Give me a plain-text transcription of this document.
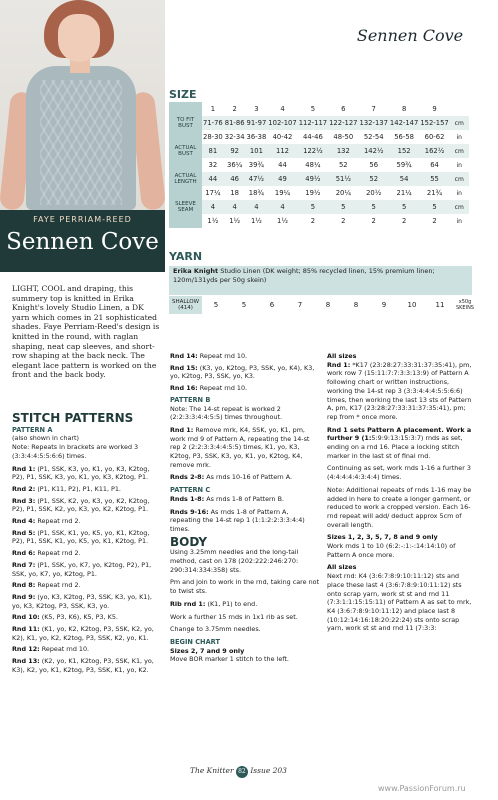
FAYE PERRIAM-REED
Sennen Cove
Sennen Cove
SIZE
	1	2	3	4	5	6	7	8	9	
TO FIT BUST	71-76	81-86	91-97	102-107	112-117	122-127	132-137	142-147	152-157	cm
	28-30	32-34	36-38	40-42	44-46	48-50	52-54	56-58	60-62	in
ACTUAL BUST	81	92	101	112	122½	132	142½	152	162½	cm
	32	36¼	39¾	44	48¼	52	56	59¾	64	in
ACTUAL LENGTH	44	46	47½	49	49½	51½	52	54	55	cm
	17¼	18	18¾	19¼	19½	20¼	20½	21¼	21¾	in
SLEEVE SEAM	4	4	4	4	5	5	5	5	5	cm
	1½	1½	1½	1½	2	2	2	2	2	in
YARN
Erika Knight Studio Linen (DK weight; 85% recycled linen, 15% premium linen; 120m/131yds per 50g skein)
SHALLOW (414)	5	5	6	7	8	8	9	10	11	x50g SKEINS
LIGHT, COOL and draping, this summery top is knitted in Erika Knight's lovely Studio Linen, a DK yarn which comes in 21 sophisticated shades. Faye Perriam-Reed's design is knitted in the round, with raglan shaping, neat cap sleeves, and short-row shaping at the back neck. The elegant lace pattern is worked on the front and the back body.
STITCH PATTERNS
PATTERN A

(also shown in chart)

Note: Repeats in brackets are worked 3 (3:3:4:4:5:5:6:6) times.

Rnd 1: (P1, SSK, K3, yo, K1, yo, K3, K2tog, P2), P1, SSK, K3, yo, K1, yo, K3, K2tog, P1.

Rnd 2: (P1, K11, P2), P1, K11, P1.

Rnd 3: (P1, SSK, K2, yo, K3, yo, K2, K2tog, P2), P1, SSK, K2, yo, K3, yo, K2, K2tog, P1.

Rnd 4: Repeat rnd 2.

Rnd 5: (P1, SSK, K1, yo, K5, yo, K1, K2tog, P2), P1, SSK, K1, yo, K5, yo, K1, K2tog, P1.

Rnd 6: Repeat rnd 2.

Rnd 7: (P1, SSK, yo, K7, yo, K2tog, P2), P1, SSK, yo, K7, yo, K2tog, P1.

Rnd 8: Repeat rnd 2.

Rnd 9: (yo, K3, K2tog, P3, SSK, K3, yo, K1), yo, K3, K2tog, P3, SSK, K3, yo.

Rnd 10: (K5, P3, K6), K5, P3, K5.

Rnd 11: (K1, yo, K2, K2tog, P3, SSK, K2, yo, K2), K1, yo, K2, K2tog, P3, SSK, K2, yo, K1.

Rnd 12: Repeat rnd 10.

Rnd 13: (K2, yo, K1, K2tog, P3, SSK, K1, yo, K3), K2, yo, K1, K2tog, P3, SSK, K1, yo, K2.

Rnd 14: Repeat rnd 10.

Rnd 15: (K3, yo, K2tog, P3, SSK, yo, K4), K3, yo, K2tog, P3, SSK, yo, K3.

Rnd 16: Repeat rnd 10.

PATTERN B

Note: The 14-st repeat is worked 2 (2:2:3:3:4:4:5:5) times throughout.

Rnd 1: Remove mrk, K4, SSK, yo, K1, pm, work rnd 9 of Pattern A, repeating the 14-st rep 2 (2:2:3:3:4:4:5:5) times, K1, yo, K3, K2tog, P3, SSK, K3, yo, K1, yo, K2tog, K4, remove mrk.

Rnds 2-8: As rnds 10-16 of Pattern A.

PATTERN C

Rnds 1-8: As rnds 1-8 of Pattern B.

Rnds 9-16: As rnds 1-8 of Pattern A, repeating the 14-st rep 1 (1:1:2:2:3:3:4:4) times.

BODY

Using 3.25mm needles and the long-tail method, cast on 178 (202:222:246:270: 290:314:334:358) sts.

Pm and join to work in the rnd, taking care not to twist sts.

Rib rnd 1: (K1, P1) to end.

Work a further 15 rnds in 1x1 rib as set.

Change to 3.75mm needles.

BEGIN CHART

Sizes 2, 7 and 9 only

Move BOR marker 1 stitch to the left.

All sizes

Rnd 1: *K17 (23:28:27:33:31:37:35:41), pm, work row 7 (15:11:7:7:3:3:13:9) of Pattern A following chart or written instructions, working the 14-st rep 3 (3:3:4:4:4:5:5:6:6) times, then working the last 13 sts of Pattern A, pm, K17 (23:28:27:33:31:37:35:41), pm; rep from * once more.

Rnd 1 sets Pattern A placement. Work a further 9 (1:5:9:9:13:15:3:7) rnds as set, ending on a rnd 16. Place a locking stitch marker in the last st of final rnd.

Continuing as set, work rnds 1-16 a further 3 (4:4:4:4:4:3:4:4) times.

Note: Additional repeats of rnds 1-16 may be added in here to create a longer garment, or reduced to work a cropped version. Each 16-rnd repeat will add/ deduct approx 5cm of overall length.

Sizes 1, 2, 3, 5, 7, 8 and 9 only

Work rnds 1 to 10 (6:2:-:1:-:14:14:10) of Pattern A once more.

All sizes

Next rnd: K4 (3:6:7:8:9:10:11:12) sts and place these last 4 (3:6:7:8:9:10:11:12) sts onto scrap yarn, work st st and rnd 11 (7:3:1:1:15:15:11) of Pattern A as set to mrk, K4 (3:6:7:8:9:10:11:12) and place last 8 (10:12:14:16:18:20:22:24) sts onto scrap yarn, work st st and rnd 11 (7:3:3:

The Knitter 82 Issue 203
www.PassionForum.ru
